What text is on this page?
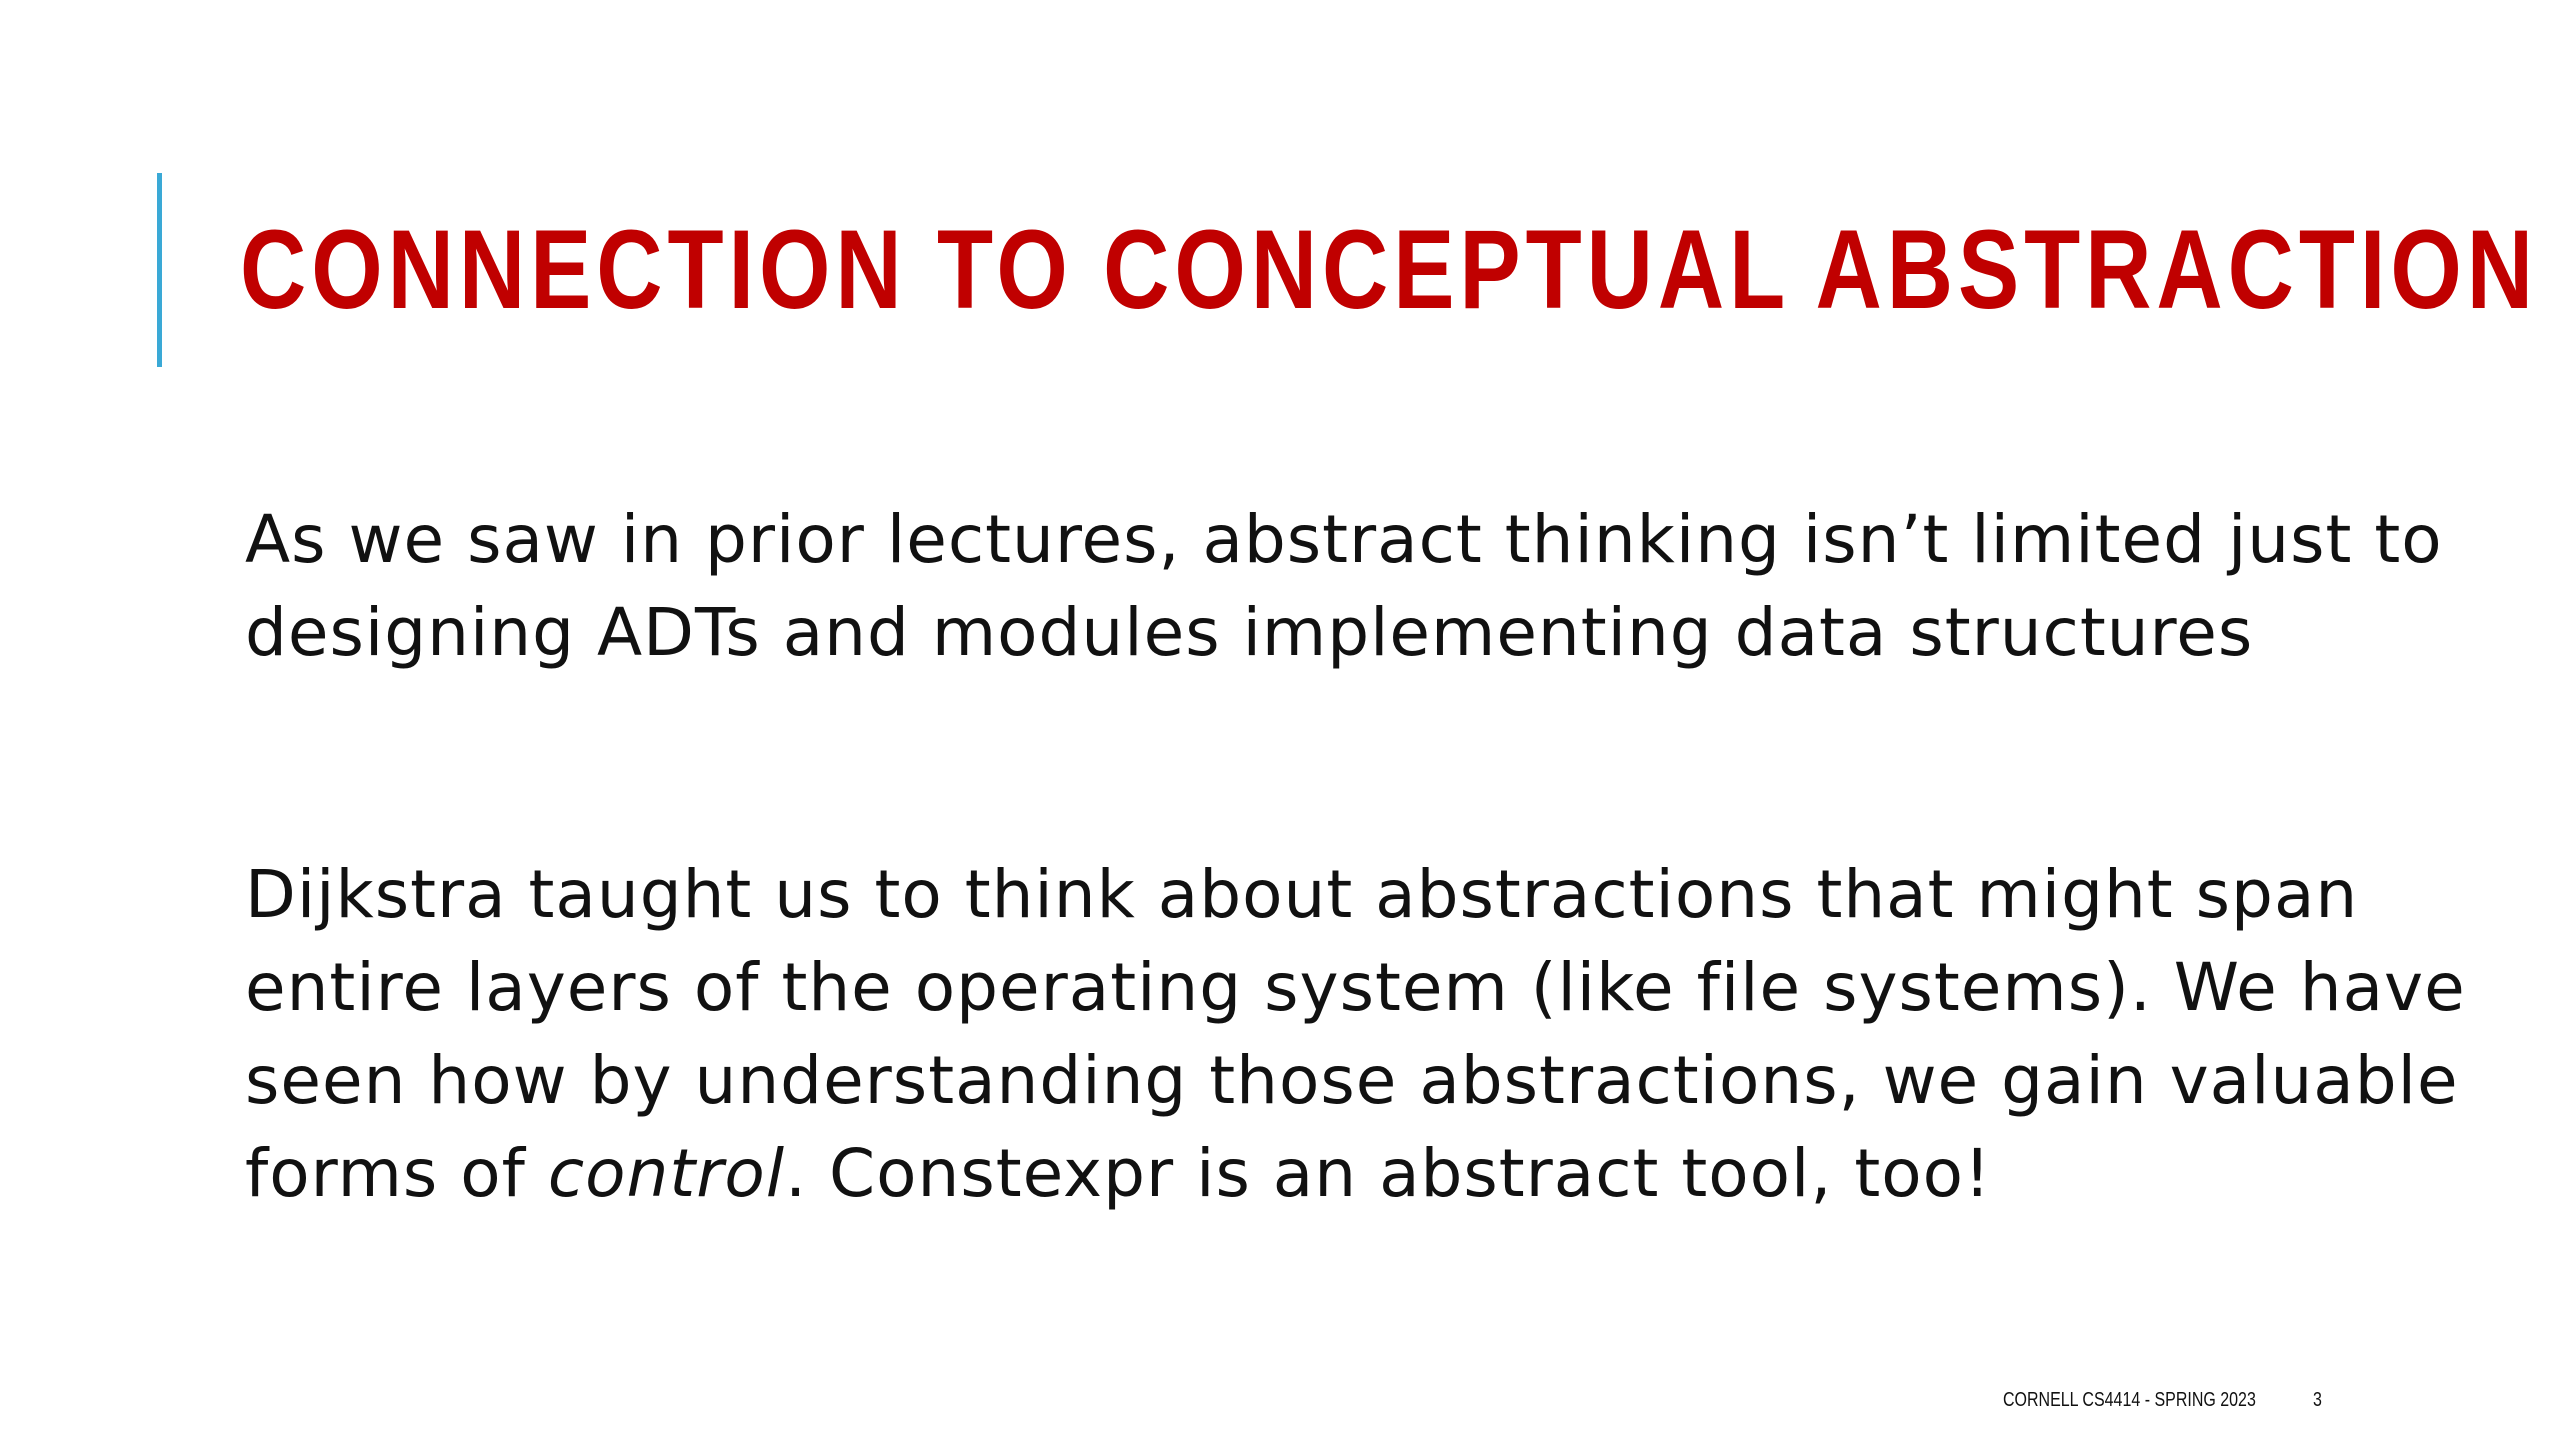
CONNECTION TO CONCEPTUAL ABSTRACTION

As we saw in prior lectures, abstract thinking isn’t limited just to
designing ADTs and modules implementing data structures

Dijkstra taught us to think about abstractions that might span
entire layers of the operating system (like file systems). We have
seen how by understanding those abstractions, we gain valuable
forms of control. Constexpr is an abstract tool, too!

CORNELL CS4414 - SPRING 2023	3
